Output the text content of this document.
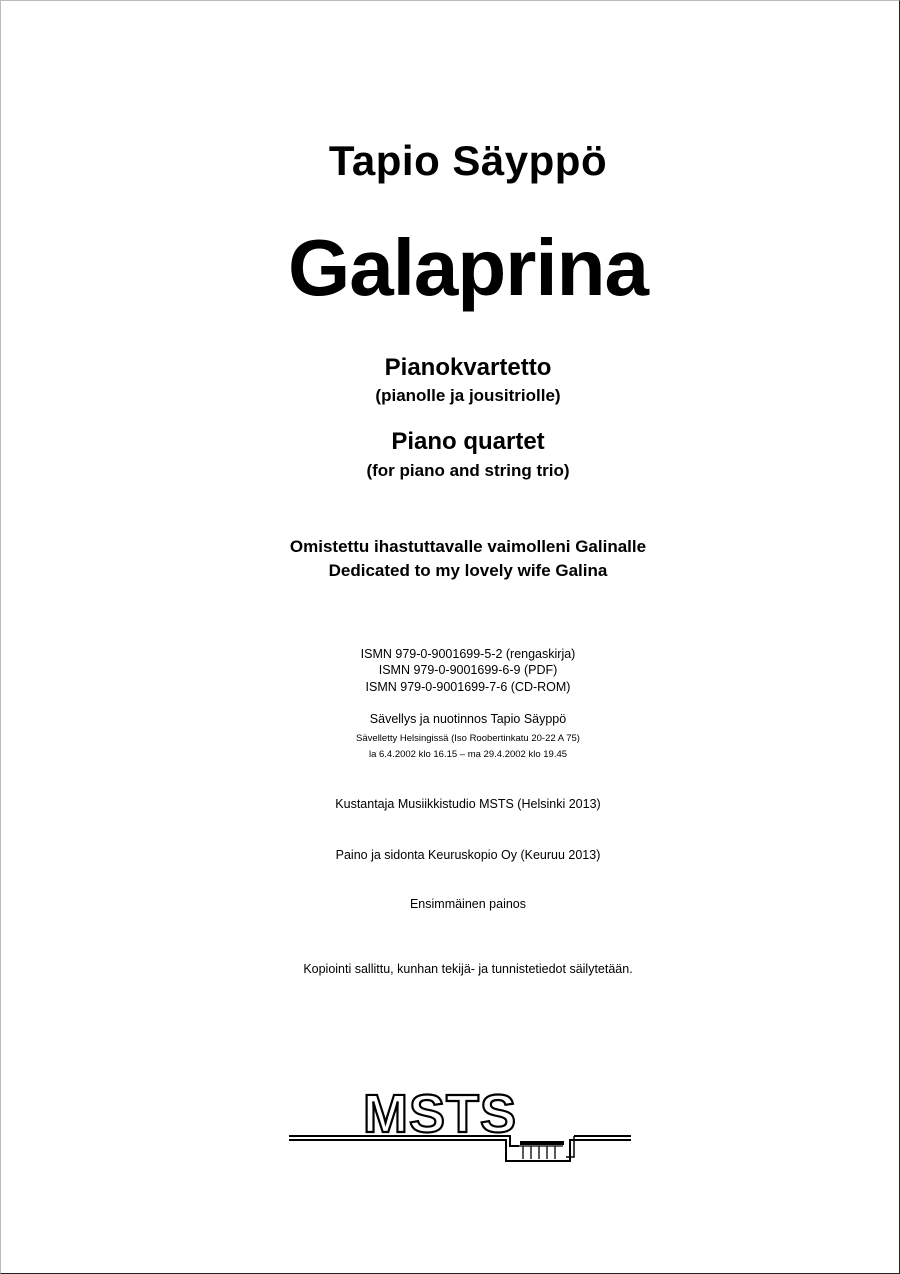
Tapio Säyppö
Galaprina
Pianokvartetto
(pianolle ja jousitriolle)
Piano quartet
(for piano and string trio)
Omistettu ihastuttavalle vaimolleni Galinalle
Dedicated to my lovely wife Galina
ISMN 979-0-9001699-5-2 (rengaskirja)
ISMN 979-0-9001699-6-9 (PDF)
ISMN 979-0-9001699-7-6 (CD-ROM)
Sävellys ja nuotinnos Tapio Säyppö
Sävelletty Helsingissä (Iso Roobertinkatu 20-22 A 75)
la 6.4.2002 klo 16.15 – ma 29.4.2002 klo 19.45
Kustantaja Musiikkistudio MSTS (Helsinki 2013)
Paino ja sidonta Keuruskopio Oy (Keuruu 2013)
Ensimmäinen painos
Kopiointi sallittu, kunhan tekijä- ja tunnistetiedot säilytetään.
MSTS
